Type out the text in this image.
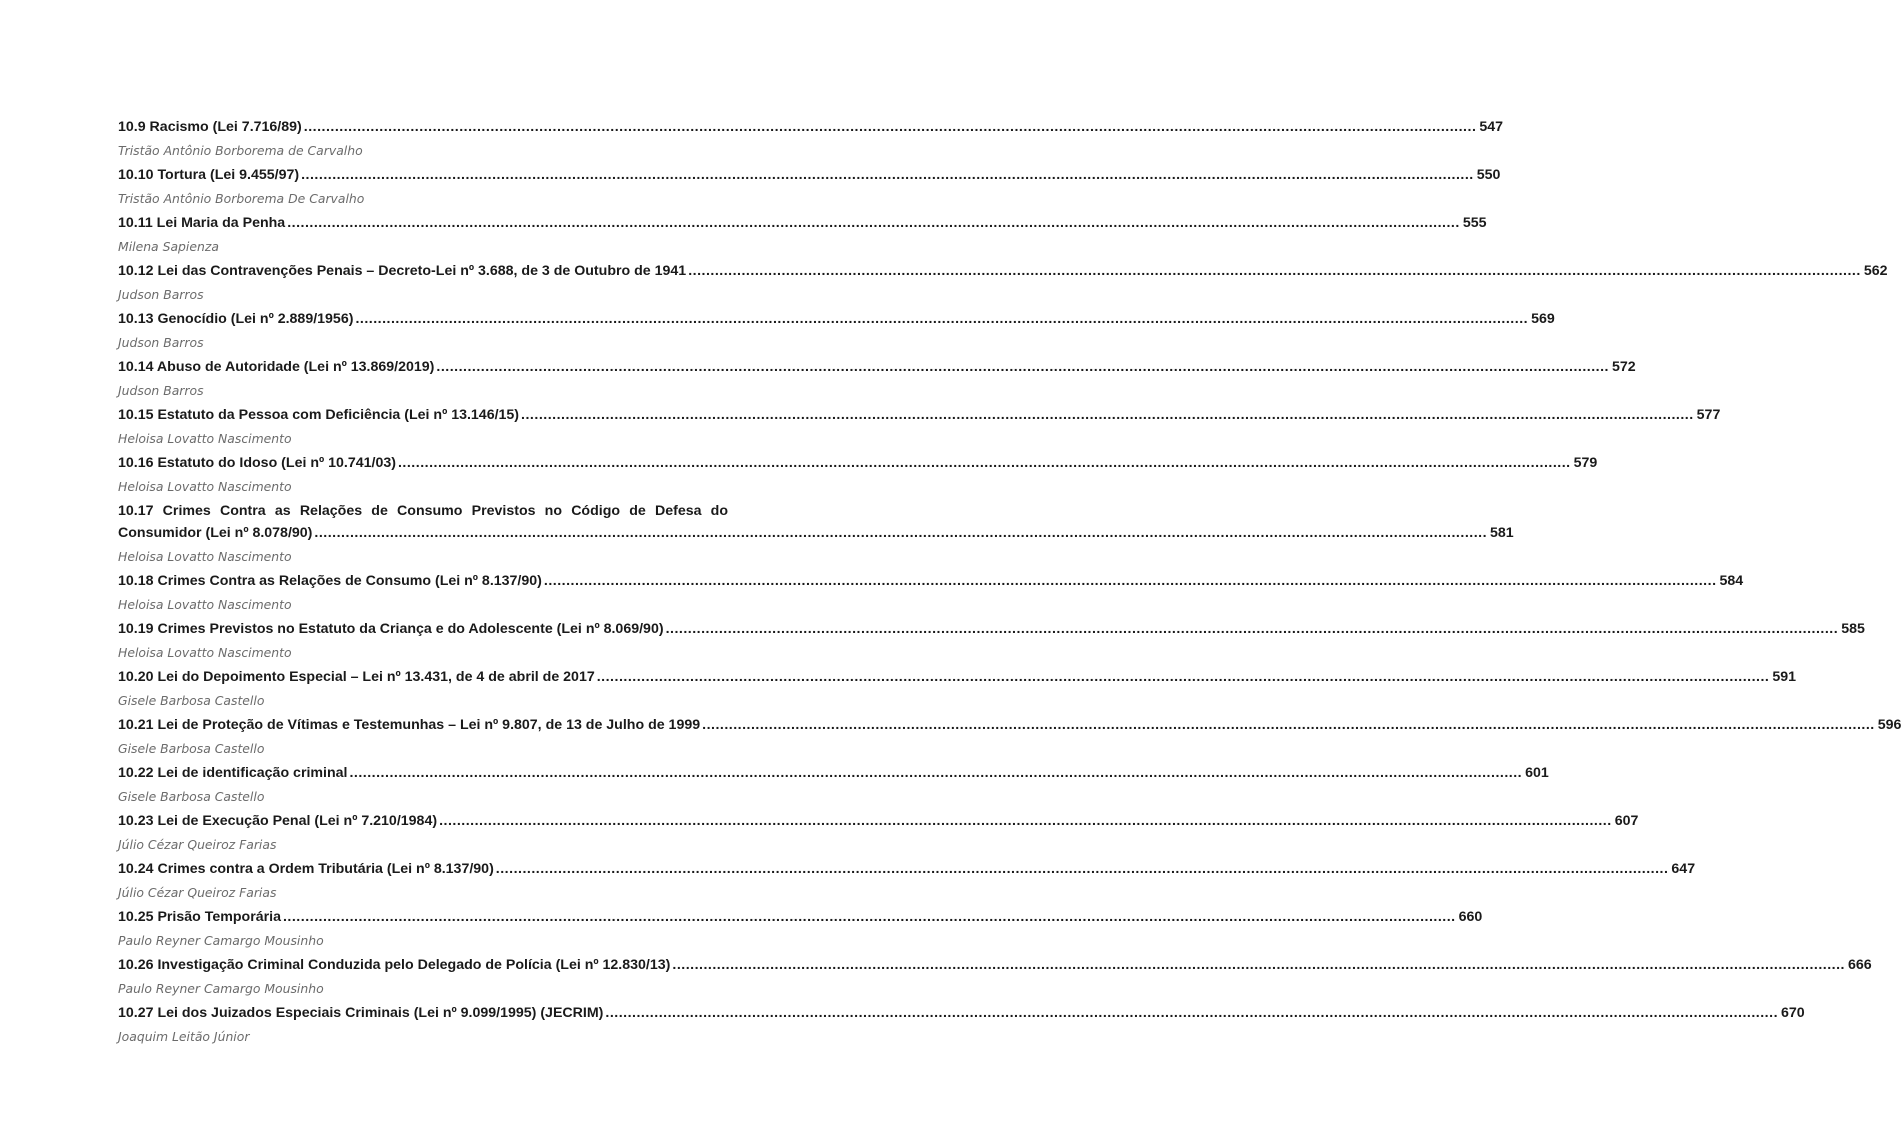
10.9 Racismo (Lei 7.716/89) .....	547
Tristão Antônio Borborema de Carvalho
10.10 Tortura (Lei 9.455/97) .....	550
Tristão Antônio Borborema De Carvalho
10.11 Lei Maria da Penha .....	555
Milena Sapienza
10.12 Lei das Contravenções Penais – Decreto-Lei nº 3.688, de 3 de Outubro de 1941 .....	562
Judson Barros
10.13 Genocídio (Lei nº 2.889/1956) .....	569
Judson Barros
10.14 Abuso de Autoridade (Lei nº 13.869/2019) .....	572
Judson Barros
10.15 Estatuto da Pessoa com Deficiência (Lei nº 13.146/15) .....	577
Heloisa Lovatto Nascimento
10.16 Estatuto do Idoso (Lei nº 10.741/03) .....	579
Heloisa Lovatto Nascimento
10.17 Crimes Contra as Relações de Consumo Previstos no Código de Defesa do
Consumidor (Lei nº 8.078/90) .....	581
Heloisa Lovatto Nascimento
10.18 Crimes Contra as Relações de Consumo (Lei nº 8.137/90) .....	584
Heloisa Lovatto Nascimento
10.19 Crimes Previstos no Estatuto da Criança e do Adolescente (Lei nº 8.069/90) .....	585
Heloisa Lovatto Nascimento
10.20 Lei do Depoimento Especial – Lei nº 13.431, de 4 de abril de 2017 .....	591
Gisele Barbosa Castello
10.21 Lei de Proteção de Vítimas e Testemunhas – Lei nº 9.807, de 13 de Julho de 1999 .....	596
Gisele Barbosa Castello
10.22 Lei de identificação criminal .....	601
Gisele Barbosa Castello
10.23 Lei de Execução Penal (Lei nº 7.210/1984) .....	607
Júlio Cézar Queiroz Farias
10.24 Crimes contra a Ordem Tributária (Lei nº 8.137/90) .....	647
Júlio Cézar Queiroz Farias
10.25 Prisão Temporária .....	660
Paulo Reyner Camargo Mousinho
10.26 Investigação Criminal Conduzida pelo Delegado de Polícia (Lei nº 12.830/13) .....	666
Paulo Reyner Camargo Mousinho
10.27 Lei dos Juizados Especiais Criminais (Lei nº 9.099/1995) (JECRIM) .....	670
Joaquim Leitão Júnior
